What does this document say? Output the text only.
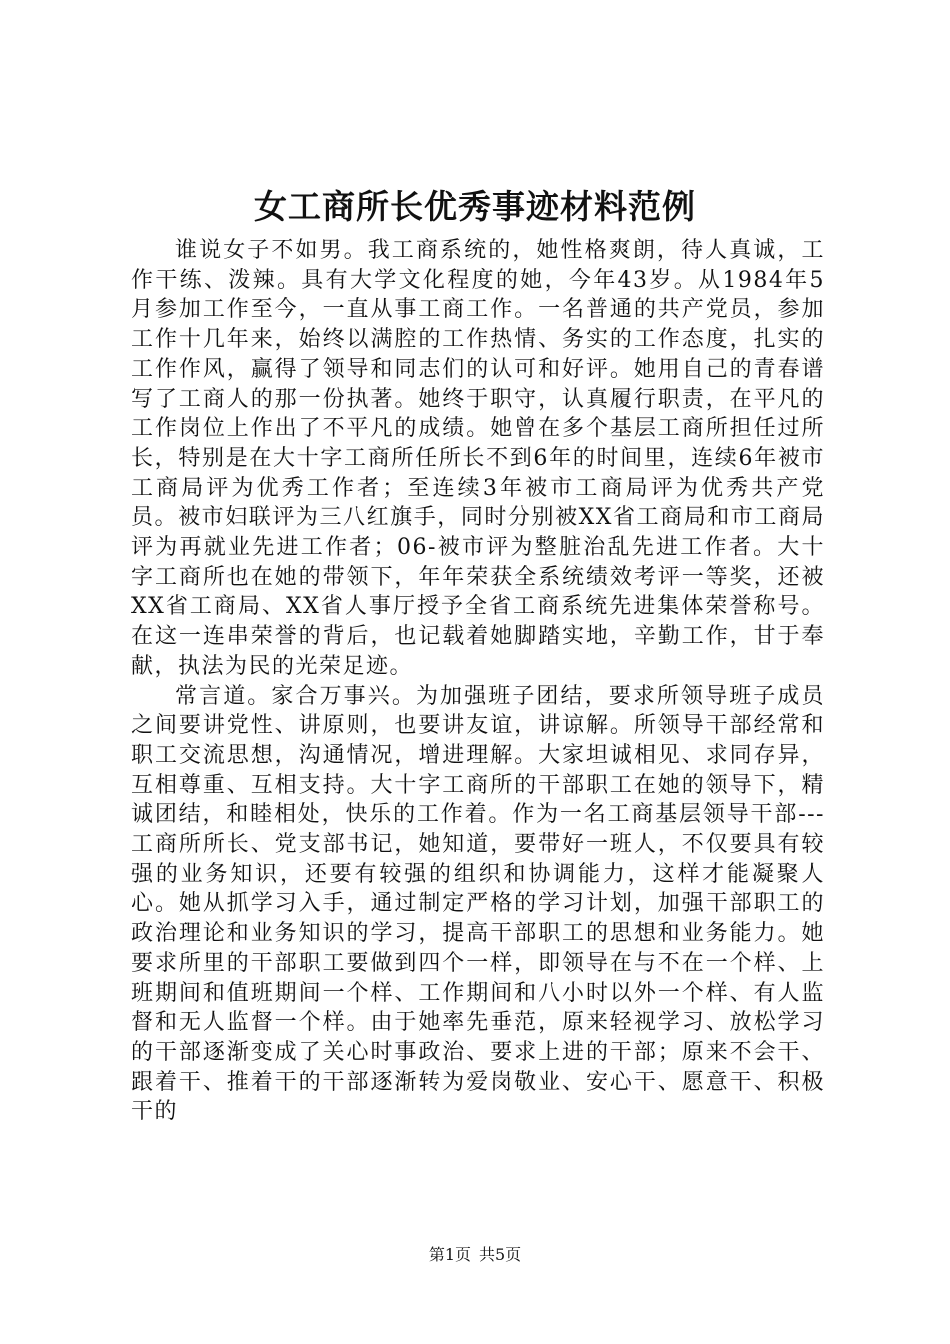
女工商所长优秀事迹材料范例

谁说女子不如男。我工商系统的，她性格爽朗，待人真诚，工作干练、泼辣。具有大学文化程度的她，今年43岁。从1984年5月参加工作至今，一直从事工商工作。一名普通的共产党员，参加工作十几年来，始终以满腔的工作热情、务实的工作态度，扎实的工作作风，赢得了领导和同志们的认可和好评。她用自己的青春谱写了工商人的那一份执著。她终于职守，认真履行职责，在平凡的工作岗位上作出了不平凡的成绩。她曾在多个基层工商所担任过所长，特别是在大十字工商所任所长不到6年的时间里，连续6年被市工商局评为优秀工作者；至连续3年被市工商局评为优秀共产党员。被市妇联评为三八红旗手，同时分别被XX省工商局和市工商局评为再就业先进工作者；06-被市评为整脏治乱先进工作者。大十字工商所也在她的带领下，年年荣获全系统绩效考评一等奖，还被XX省工商局、XX省人事厅授予全省工商系统先进集体荣誉称号。在这一连串荣誉的背后，也记载着她脚踏实地，辛勤工作，甘于奉献，执法为民的光荣足迹。

常言道。家合万事兴。为加强班子团结，要求所领导班子成员之间要讲党性、讲原则，也要讲友谊，讲谅解。所领导干部经常和职工交流思想，沟通情况，增进理解。大家坦诚相见、求同存异，互相尊重、互相支持。大十字工商所的干部职工在她的领导下，精诚团结，和睦相处，快乐的工作着。作为一名工商基层领导干部---工商所所长、党支部书记，她知道，要带好一班人，不仅要具有较强的业务知识，还要有较强的组织和协调能力，这样才能凝聚人心。她从抓学习入手，通过制定严格的学习计划，加强干部职工的政治理论和业务知识的学习，提高干部职工的思想和业务能力。她要求所里的干部职工要做到四个一样，即领导在与不在一个样、上班期间和值班期间一个样、工作期间和八小时以外一个样、有人监督和无人监督一个样。由于她率先垂范，原来轻视学习、放松学习的干部逐渐变成了关心时事政治、要求上进的干部；原来不会干、跟着干、推着干的干部逐渐转为爱岗敬业、安心干、愿意干、积极干的

第1页 共5页
